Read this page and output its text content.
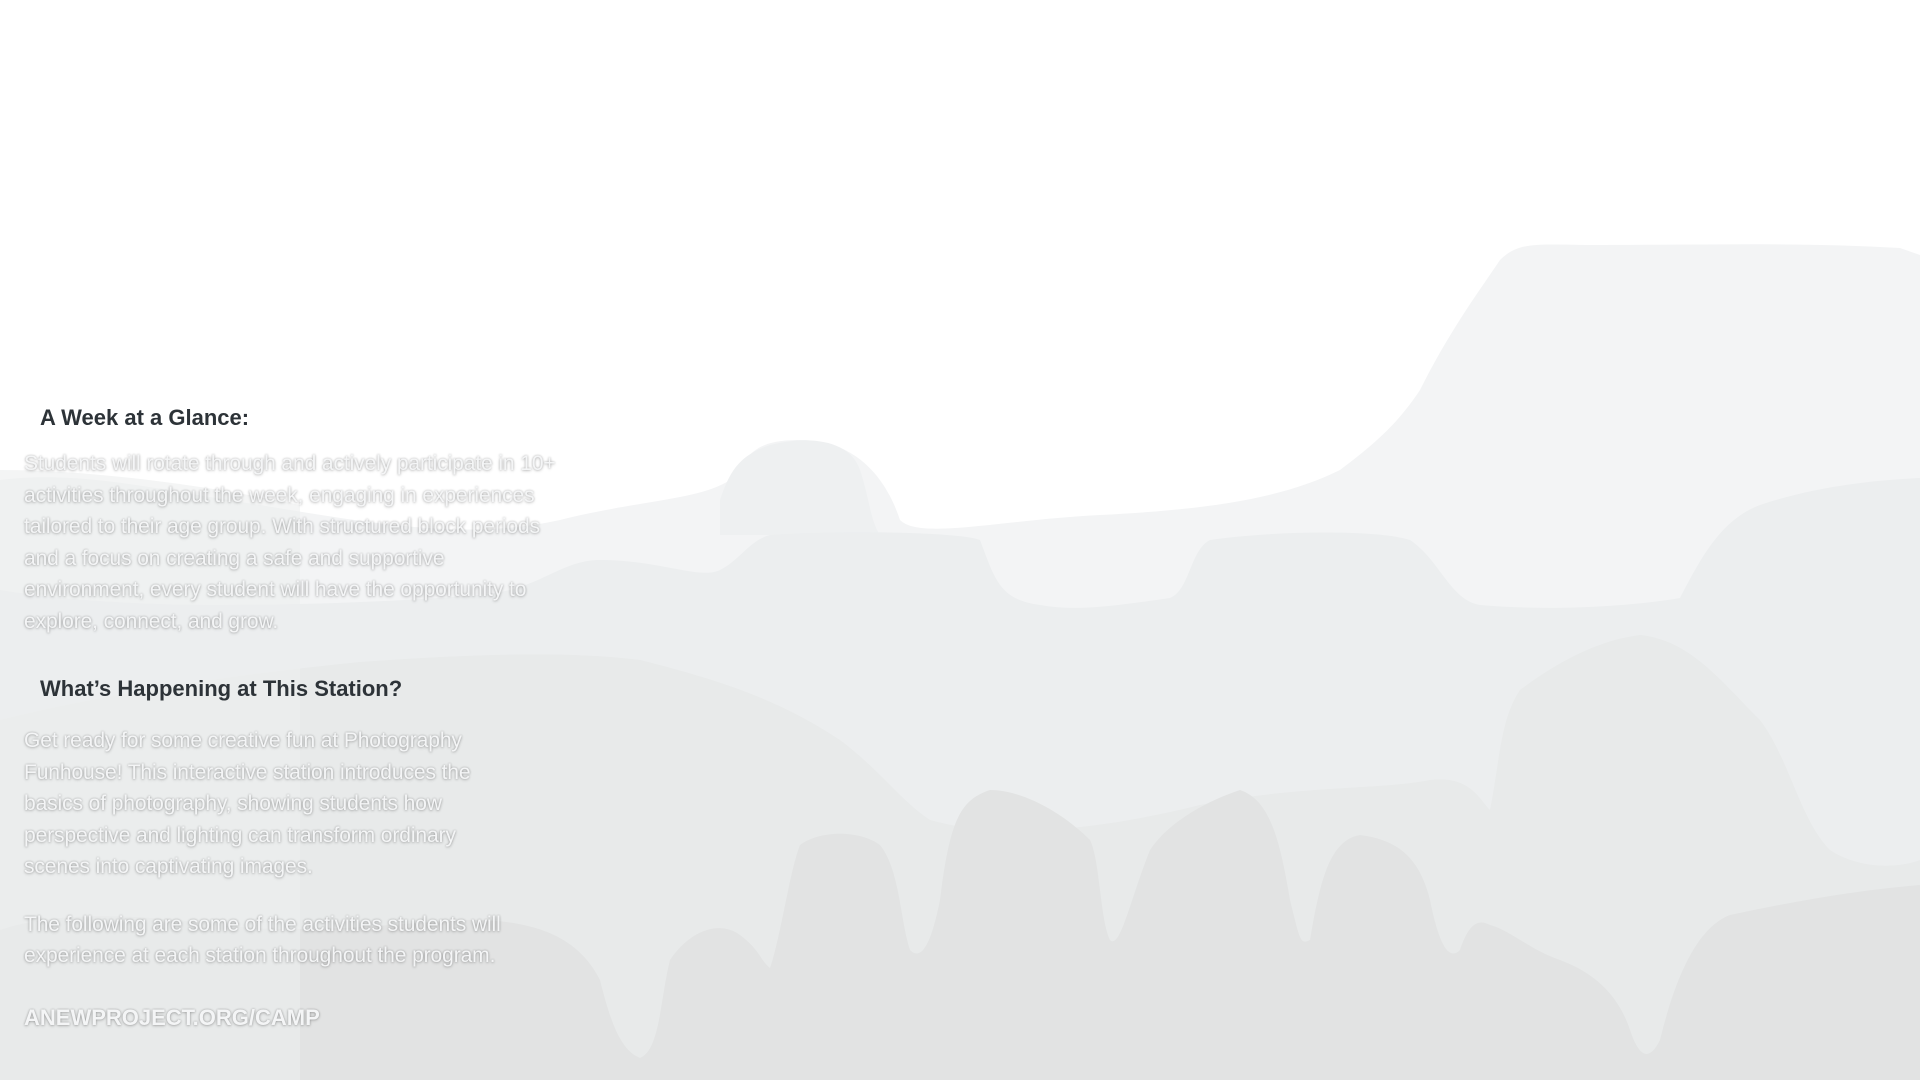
A Week at a Glance:

Students will rotate through and actively participate in 10+ activities throughout the week, engaging in experiences tailored to their age group. With structured block periods and a focus on creating a safe and supportive environment, every student will have the opportunity to explore, connect, and grow.

What’s Happening at This Station?

Get ready for some creative fun at Photography Funhouse! This interactive station introduces the basics of photography, showing students how perspective and lighting can transform ordinary scenes into captivating images.

The following are some of the activities students will experience at each station throughout the program.

ANEWPROJECT.ORG/CAMP
